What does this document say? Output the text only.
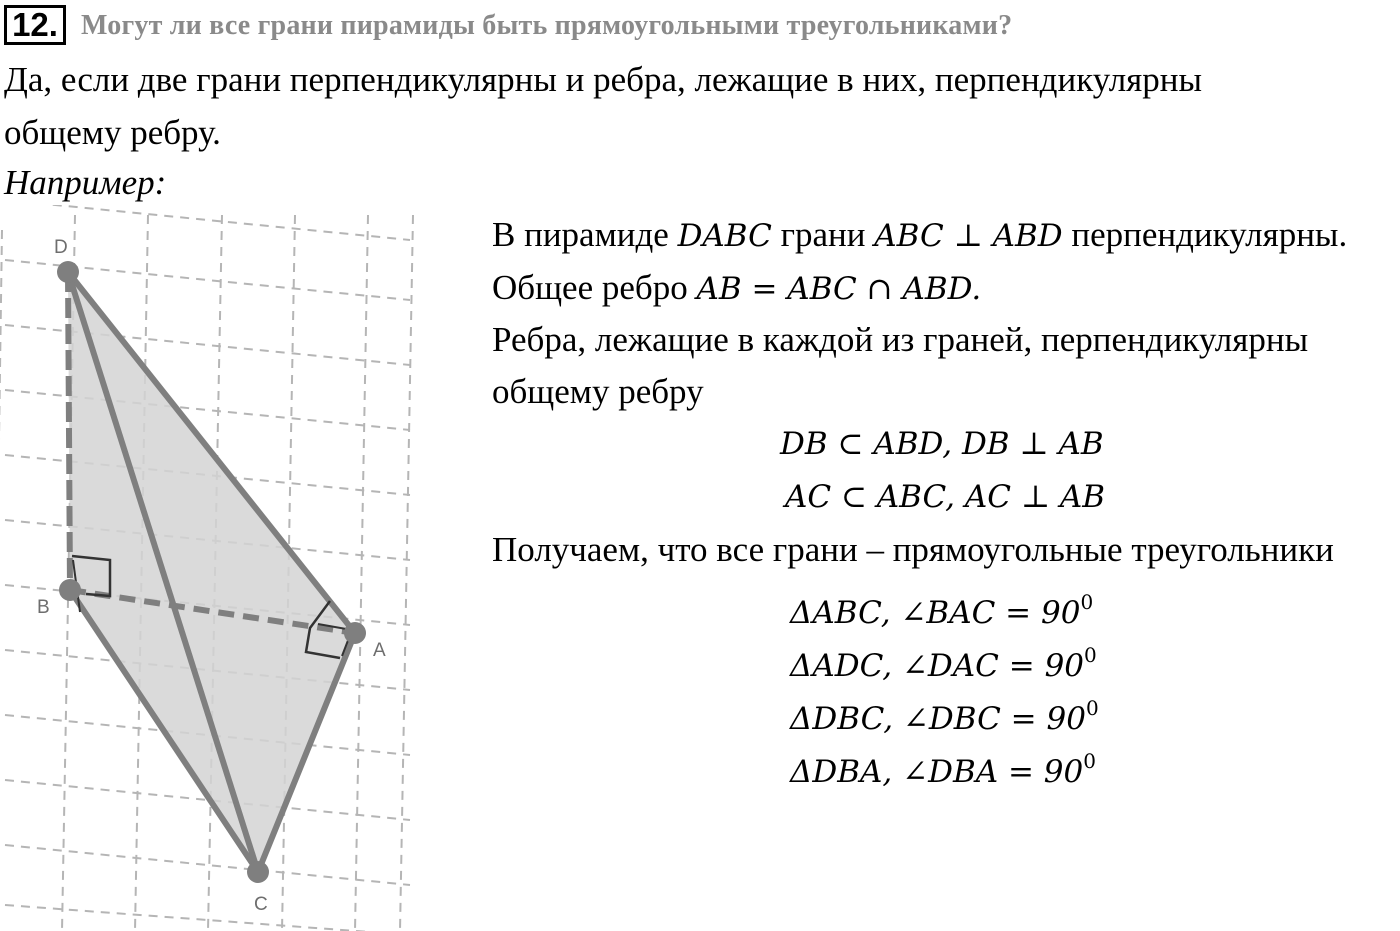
12. Могут ли все грани пирамиды быть прямоугольными треугольниками?
Да, если две грани перпендикулярны и ребра, лежащие в них, перпендикулярны
общему ребру.
Например:
В пирамиде DABC грани ABC ⊥ ABD перпендикулярны.
Общее ребро AB = ABC ∩ ABD.
Ребра, лежащие в каждой из граней, перпендикулярны
общему ребру
DB ⊂ ABD, DB ⊥ AB
AC ⊂ ABC, AC ⊥ AB
Получаем, что все грани – прямоугольные треугольники
ΔABC, ∠BAC = $90^0$
ΔADC, ∠DAC = $90^0$
ΔDBC, ∠DBC = $90^0$
ΔDBA, ∠DBA = $90^0$
D
B
A
C
